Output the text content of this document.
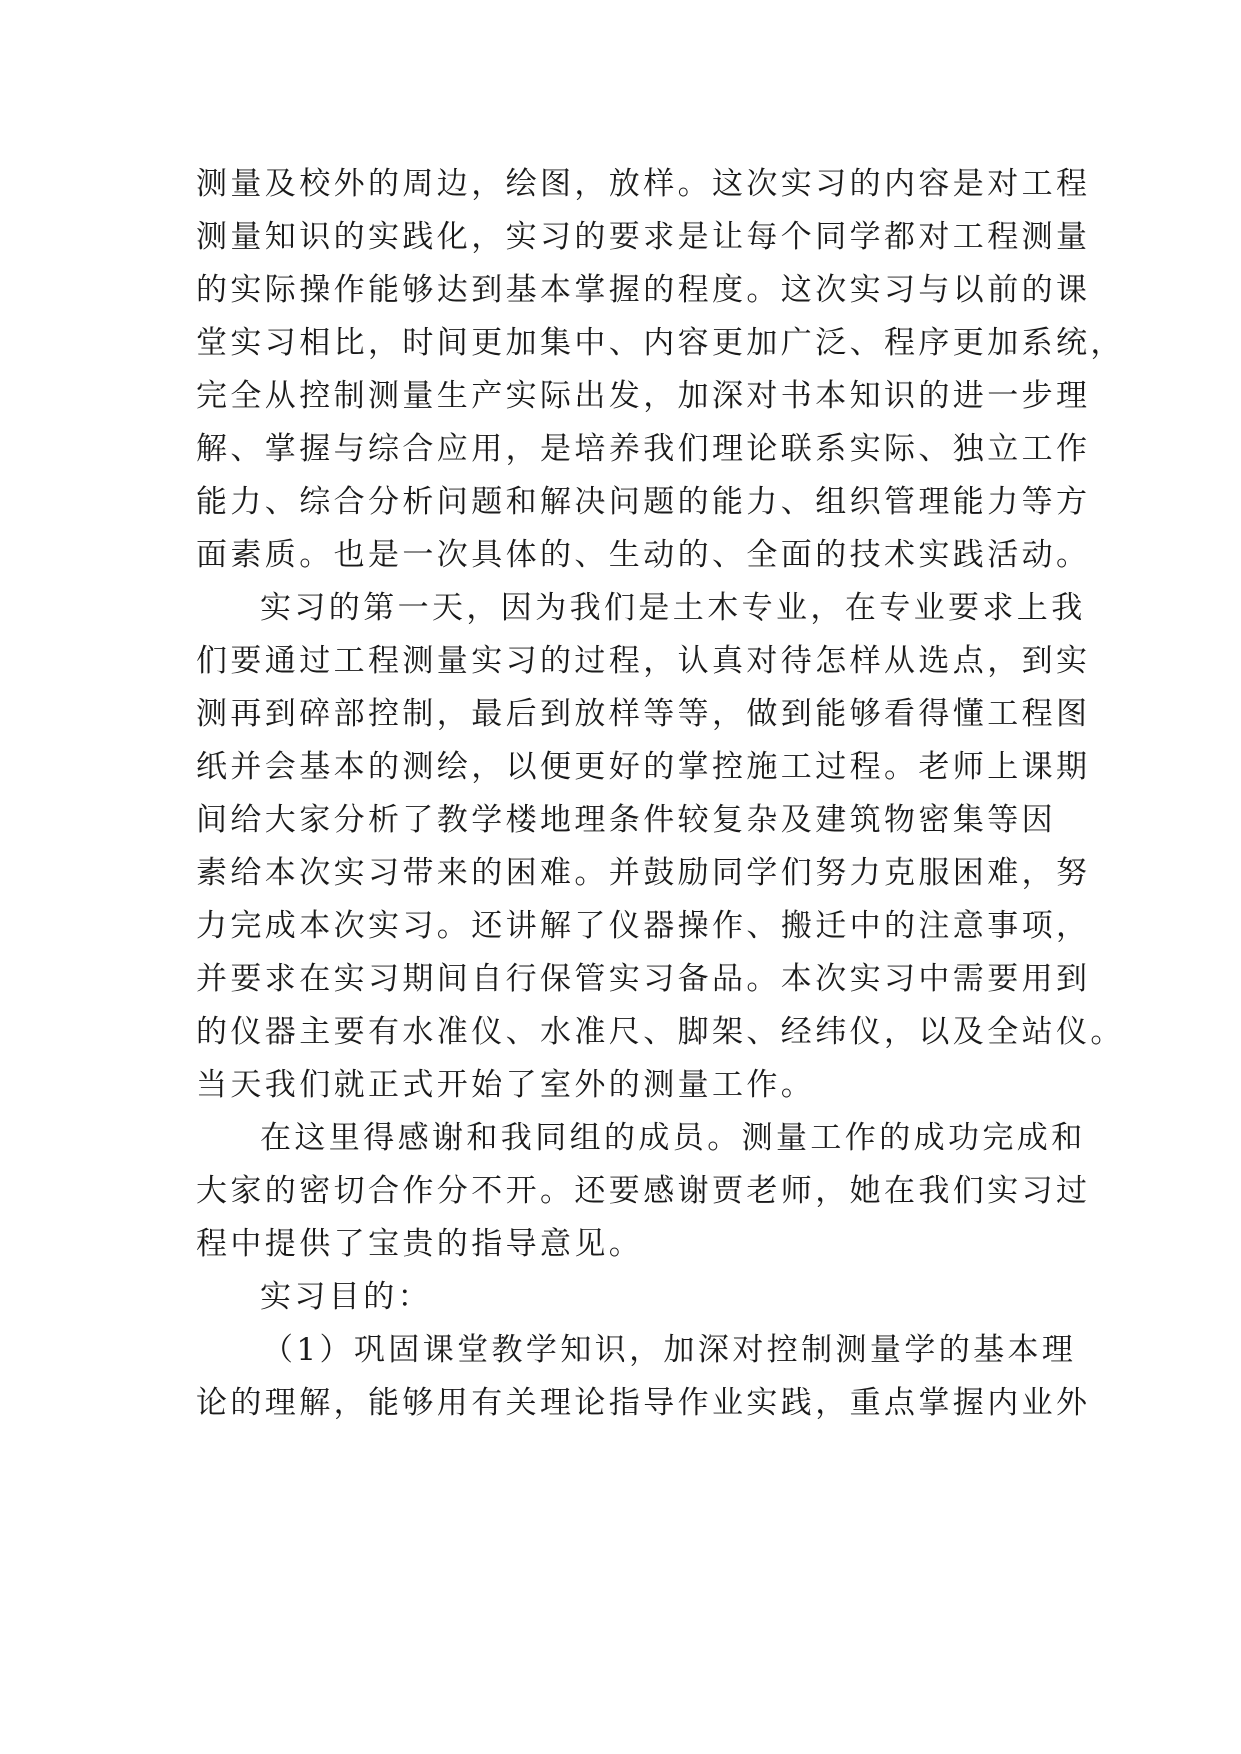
测量及校外的周边，绘图，放样。这次实习的内容是对工程
测量知识的实践化，实习的要求是让每个同学都对工程测量
的实际操作能够达到基本掌握的程度。这次实习与以前的课
堂实习相比，时间更加集中、内容更加广泛、程序更加系统，
完全从控制测量生产实际出发，加深对书本知识的进一步理
解、掌握与综合应用，是培养我们理论联系实际、独立工作
能力、综合分析问题和解决问题的能力、组织管理能力等方
面素质。也是一次具体的、生动的、全面的技术实践活动。
实习的第一天，因为我们是土木专业，在专业要求上我
们要通过工程测量实习的过程，认真对待怎样从选点，到实
测再到碎部控制，最后到放样等等，做到能够看得懂工程图
纸并会基本的测绘，以便更好的掌控施工过程。老师上课期
间给大家分析了教学楼地理条件较复杂及建筑物密集等因
素给本次实习带来的困难。并鼓励同学们努力克服困难，努
力完成本次实习。还讲解了仪器操作、搬迁中的注意事项，
并要求在实习期间自行保管实习备品。本次实习中需要用到
的仪器主要有水准仪、水准尺、脚架、经纬仪，以及全站仪。
当天我们就正式开始了室外的测量工作。
在这里得感谢和我同组的成员。测量工作的成功完成和
大家的密切合作分不开。还要感谢贾老师，她在我们实习过
程中提供了宝贵的指导意见。
实习目的：
（1）巩固课堂教学知识，加深对控制测量学的基本理
论的理解，能够用有关理论指导作业实践，重点掌握内业外
